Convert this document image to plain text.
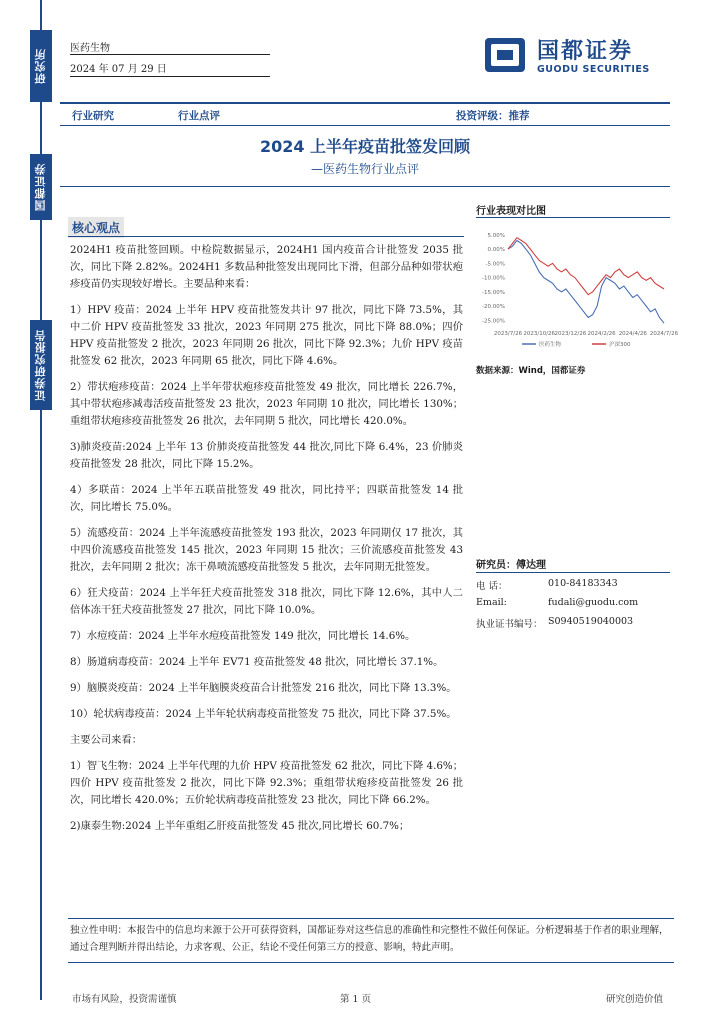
研究所
国都证券
证券研究报告
医药生物
2024 年 07 月 29 日
国都证券
GUODU SECURITIES
行业研究	行业点评	投资评级：推荐
2024 上半年疫苗批签发回顾
—医药生物行业点评
核心观点

2024H1 疫苗批签回顾。中检院数据显示，2024H1 国内疫苗合计批签发 2035 批次，同比下降 2.82%。2024H1 多数品种批签发出现同比下滑，但部分品种如带状疱疹疫苗仍实现较好增长。主要品种来看：

1）HPV 疫苗：2024 上半年 HPV 疫苗批签发共计 97 批次，同比下降 73.5%，其中二价 HPV 疫苗批签发 33 批次，2023 年同期 275 批次，同比下降 88.0%；四价 HPV 疫苗批签发 2 批次，2023 年同期 26 批次，同比下降 92.3%；九价 HPV 疫苗批签发 62 批次，2023 年同期 65 批次，同比下降 4.6%。

2）带状疱疹疫苗：2024 上半年带状疱疹疫苗批签发 49 批次，同比增长 226.7%，其中带状疱疹减毒活疫苗批签发 23 批次，2023 年同期 10 批次，同比增长 130%；重组带状疱疹疫苗批签发 26 批次，去年同期 5 批次，同比增长 420.0%。

3)肺炎疫苗:2024 上半年 13 价肺炎疫苗批签发 44 批次,同比下降 6.4%，23 价肺炎疫苗批签发 28 批次，同比下降 15.2%。

4）多联苗：2024 上半年五联苗批签发 49 批次，同比持平；四联苗批签发 14 批次，同比增长 75.0%。

5）流感疫苗：2024 上半年流感疫苗批签发 193 批次，2023 年同期仅 17 批次，其中四价流感疫苗批签发 145 批次，2023 年同期 15 批次；三价流感疫苗批签发 43 批次，去年同期 2 批次；冻干鼻喷流感疫苗批签发 5 批次，去年同期无批签发。

6）狂犬疫苗：2024 上半年狂犬疫苗批签发 318 批次，同比下降 12.6%，其中人二倍体冻干狂犬疫苗批签发 27 批次，同比下降 10.0%。

7）水痘疫苗：2024 上半年水痘疫苗批签发 149 批次，同比增长 14.6%。

8）肠道病毒疫苗：2024 上半年 EV71 疫苗批签发 48 批次，同比增长 37.1%。

9）脑膜炎疫苗：2024 上半年脑膜炎疫苗合计批签发 216 批次，同比下降 13.3%。

10）轮状病毒疫苗：2024 上半年轮状病毒疫苗批签发 75 批次，同比下降 37.5%。

主要公司来看：

1）智飞生物：2024 上半年代理的九价 HPV 疫苗批签发 62 批次，同比下降 4.6%；四价 HPV 疫苗批签发 2 批次，同比下降 92.3%；重组带状疱疹疫苗批签发 26 批次，同比增长 420.0%；五价轮状病毒疫苗批签发 23 批次，同比下降 66.2%。

2)康泰生物:2024 上半年重组乙肝疫苗批签发 45 批次,同比增长 60.7%；

行业表现对比图
5.00%
0.00%
-5.00%
-10.00%
-15.00%
-20.00%
-25.00%
2023/7/26 2023/10/26 2023/12/26 2024/2/26 2024/4/26 2024/7/26
医药生物	沪深300
数据来源：Wind，国都证券
研究员：傅达理
电 话：	010-84183343
Email:	fudali@guodu.com
执业证书编号： S0940519040003
独立性申明：本报告中的信息均来源于公开可获得资料，国都证券对这些信息的准确性和完整性不做任何保证。分析逻辑基于作者的职业理解，通过合理判断并得出结论，力求客观、公正，结论不受任何第三方的授意、影响，特此声明。
市场有风险，投资需谨慎	第 1 页	研究创造价值
